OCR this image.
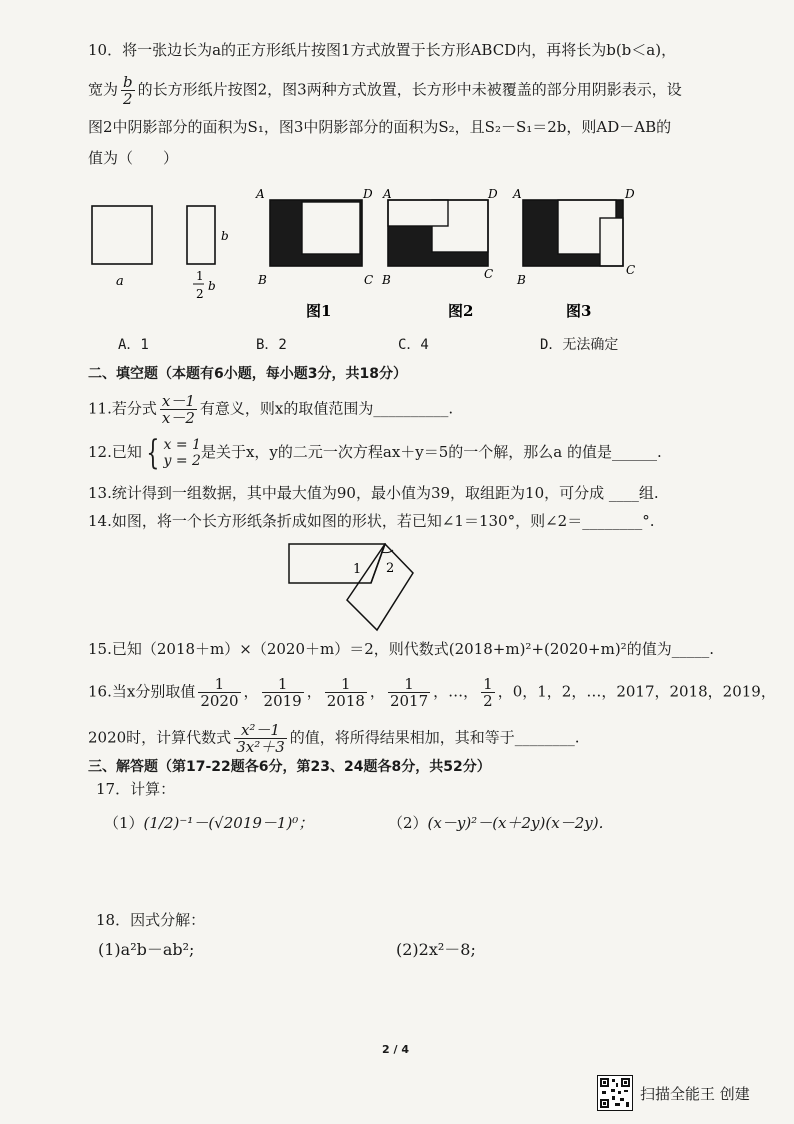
10．将一张边长为a的正方形纸片按图1方式放置于长方形ABCD内，再将长为b(b＜a)，
宽为 $\frac{b}{2}$ 的长方形纸片按图2，图3两种方式放置，长方形中未被覆盖的部分用阴影表示，设
图2中阴影部分的面积为S₁，图3中阴影部分的面积为S₂，且S₂－S₁＝2b，则AD－AB的
值为（　　）
a
b
1
2
b
A	D
B	C
A	D
B	C
A	D
B
C
图1	图2	图3
A．1	B．2	C．4	D．无法确定
二、填空题（本题有6小题，每小题3分，共18分）
11.若分式 $\frac{x-1}{x-2}$ 有意义，则x的取值范围为__________.
12.已知 { x = 1
y = 2 是关于x，y的二元一次方程ax＋y＝5的一个解，那么a 的值是______.
13.统计得到一组数据，其中最大值为90，最小值为39，取组距为10，可分成 ____组.
14.如图，将一个长方形纸条折成如图的形状，若已知∠1＝130°，则∠2＝________°.
1 2
15.已知（2018＋m）×（2020＋m）＝2，则代数式(2018+m)²+(2020+m)²的值为_____.
16.当x分别取值 $\frac{1}{2020}$ ， $\frac{1}{2019}$ ， $\frac{1}{2018}$ ， $\frac{1}{2017}$ ，…， $\frac{1}{2}$ ，0，1，2，…，2017，2018，2019，
2020时，计算代数式 $\frac{\text{x²－1}}{\text{3x²＋3}}$ 的值，将所得结果相加，其和等于________.
三、解答题（第17-22题各6分，第23、24题各8分，共52分）
17．计算：
（1）(1/2)⁻¹－(√2019－1)⁰；	（2）(x－y)²－(x＋2y)(x－2y)．
18．因式分解：
(1)a²b－ab²;	(2)2x²－8;
2 / 4
扫描全能王 创建
